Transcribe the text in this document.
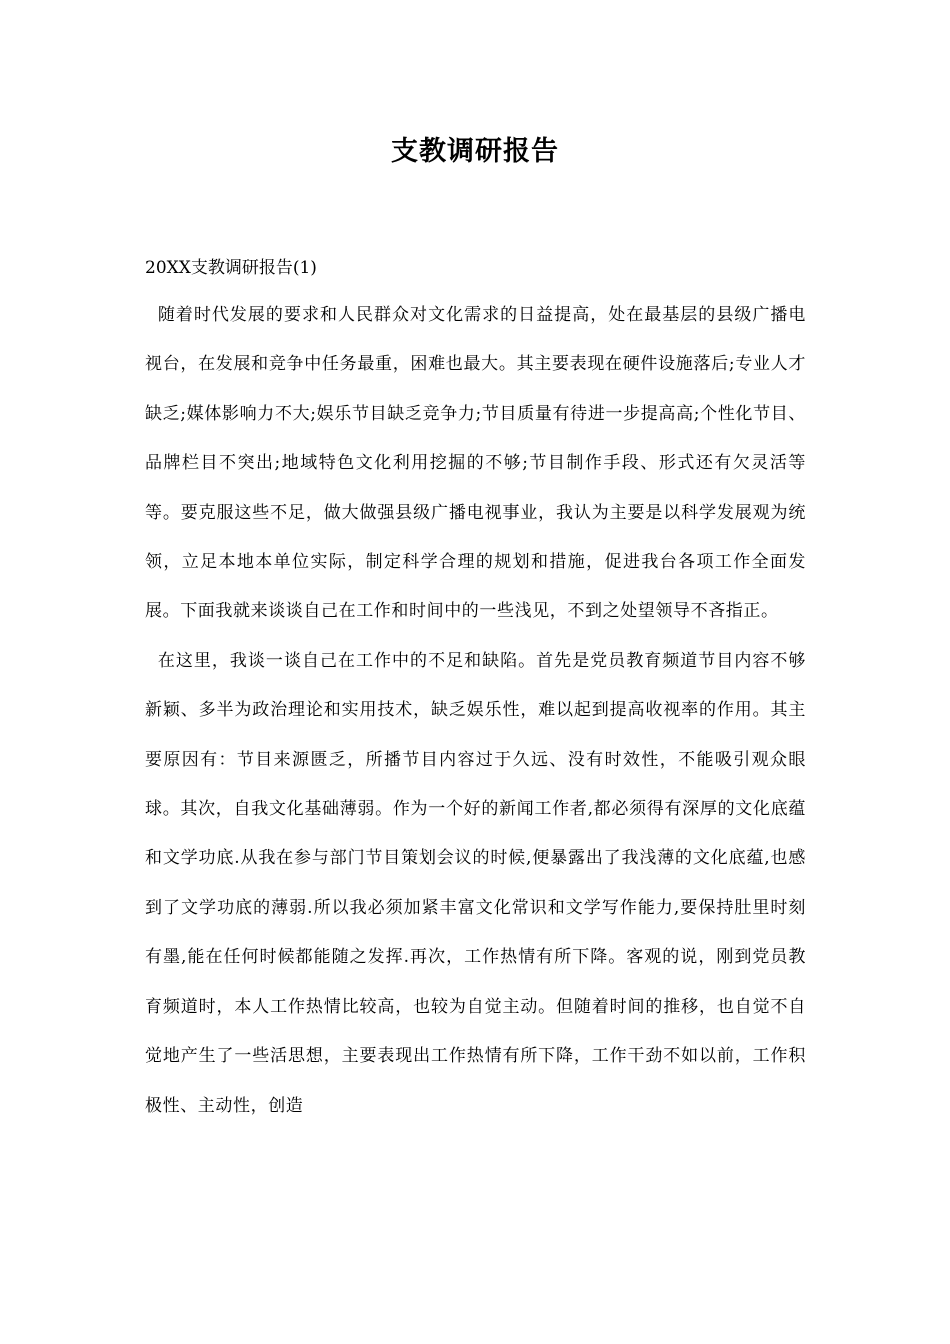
支教调研报告
20XX支教调研报告(1)

随着时代发展的要求和人民群众对文化需求的日益提高，处在最基层的县级广播电视台，在发展和竞争中任务最重，困难也最大。其主要表现在硬件设施落后;专业人才缺乏;媒体影响力不大;娱乐节目缺乏竞争力;节目质量有待进一步提高高;个性化节目、品牌栏目不突出;地域特色文化利用挖掘的不够;节目制作手段、形式还有欠灵活等等。要克服这些不足，做大做强县级广播电视事业，我认为主要是以科学发展观为统领，立足本地本单位实际，制定科学合理的规划和措施，促进我台各项工作全面发展。下面我就来谈谈自己在工作和时间中的一些浅见，不到之处望领导不吝指正。

在这里，我谈一谈自己在工作中的不足和缺陷。首先是党员教育频道节目内容不够新颖、多半为政治理论和实用技术，缺乏娱乐性，难以起到提高收视率的作用。其主要原因有：节目来源匮乏，所播节目内容过于久远、没有时效性，不能吸引观众眼球。其次，自我文化基础薄弱。作为一个好的新闻工作者,都必须得有深厚的文化底蕴和文学功底.从我在参与部门节目策划会议的时候,便暴露出了我浅薄的文化底蕴,也感到了文学功底的薄弱.所以我必须加紧丰富文化常识和文学写作能力,要保持肚里时刻有墨,能在任何时候都能随之发挥.再次，工作热情有所下降。客观的说，刚到党员教育频道时，本人工作热情比较高，也较为自觉主动。但随着时间的推移，也自觉不自觉地产生了一些活思想，主要表现出工作热情有所下降，工作干劲不如以前，工作积极性、主动性，创造
